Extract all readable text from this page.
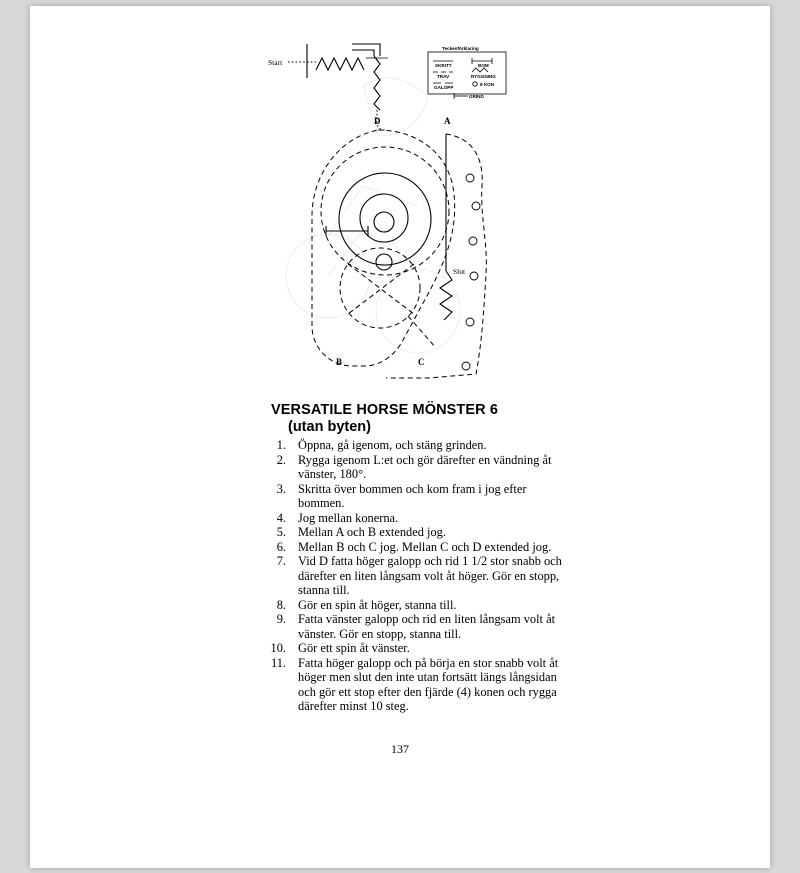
Start
Slut
D	A
B	C
Teckenförklaring
SKRITT
TRAV
GALOPP
BOM
RYGGNING
8 KON
GRIND
VERSATILE HORSE MÖNSTER 6
(utan byten)
1. Öppna, gå igenom, och stäng grinden.
2. Rygga igenom L:et och gör därefter en vändning åt vänster, 180°.
3. Skritta över bommen och kom fram i jog efter bommen.
4. Jog mellan konerna.
5. Mellan A och B extended jog.
6. Mellan B och C jog. Mellan C och D extended jog.
7. Vid D fatta höger galopp och rid 1 1/2 stor snabb och därefter en liten långsam volt åt höger. Gör en stopp, stanna till.
8. Gör en spin åt höger, stanna till.
9. Fatta vänster galopp och rid en liten långsam volt åt vänster. Gör en stopp, stanna till.
10. Gör ett spin åt vänster.
11. Fatta höger galopp och på börja en stor snabb volt åt höger men slut den inte utan fortsätt längs långsidan och gör ett stop efter den fjärde (4) konen och rygga därefter minst 10 steg.
137
